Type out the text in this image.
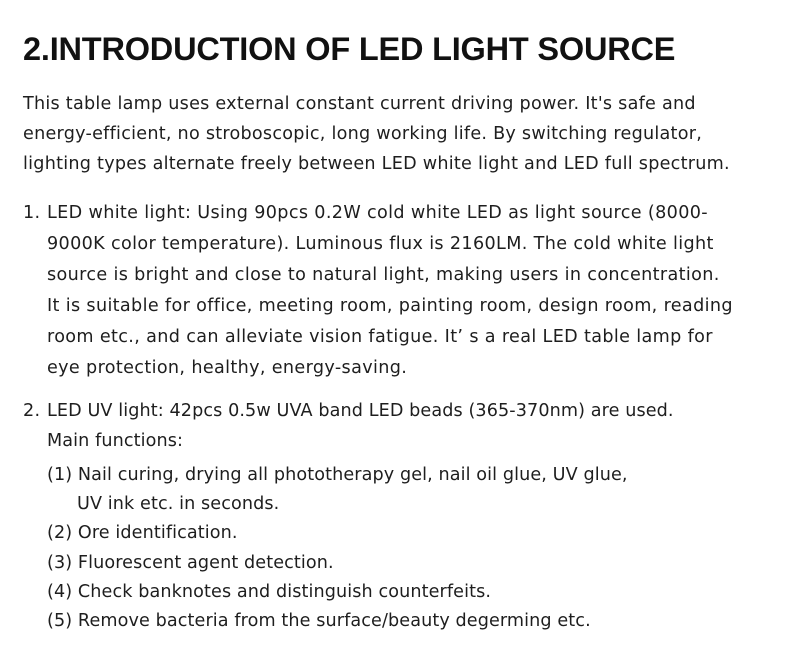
2.INTRODUCTION OF LED LIGHT SOURCE
This table lamp uses external constant current driving power. It's safe and
energy-efficient, no stroboscopic, long working life. By switching regulator,
lighting types alternate freely between LED white light and LED full spectrum.
1. LED white light: Using 90pcs 0.2W cold white LED as light source (8000-
9000K color temperature). Luminous flux is 2160LM. The cold white light
source is bright and close to natural light, making users in concentration.
It is suitable for office, meeting room, painting room, design room, reading
room etc., and can alleviate vision fatigue. It’ s a real LED table lamp for
eye protection, healthy, energy-saving.
2. LED UV light: 42pcs 0.5w UVA band LED beads (365-370nm) are used.
Main functions:
(1) Nail curing, drying all phototherapy gel, nail oil glue, UV glue,
UV ink etc. in seconds.
(2) Ore identification.
(3) Fluorescent agent detection.
(4) Check banknotes and distinguish counterfeits.
(5) Remove bacteria from the surface/beauty degerming etc.
